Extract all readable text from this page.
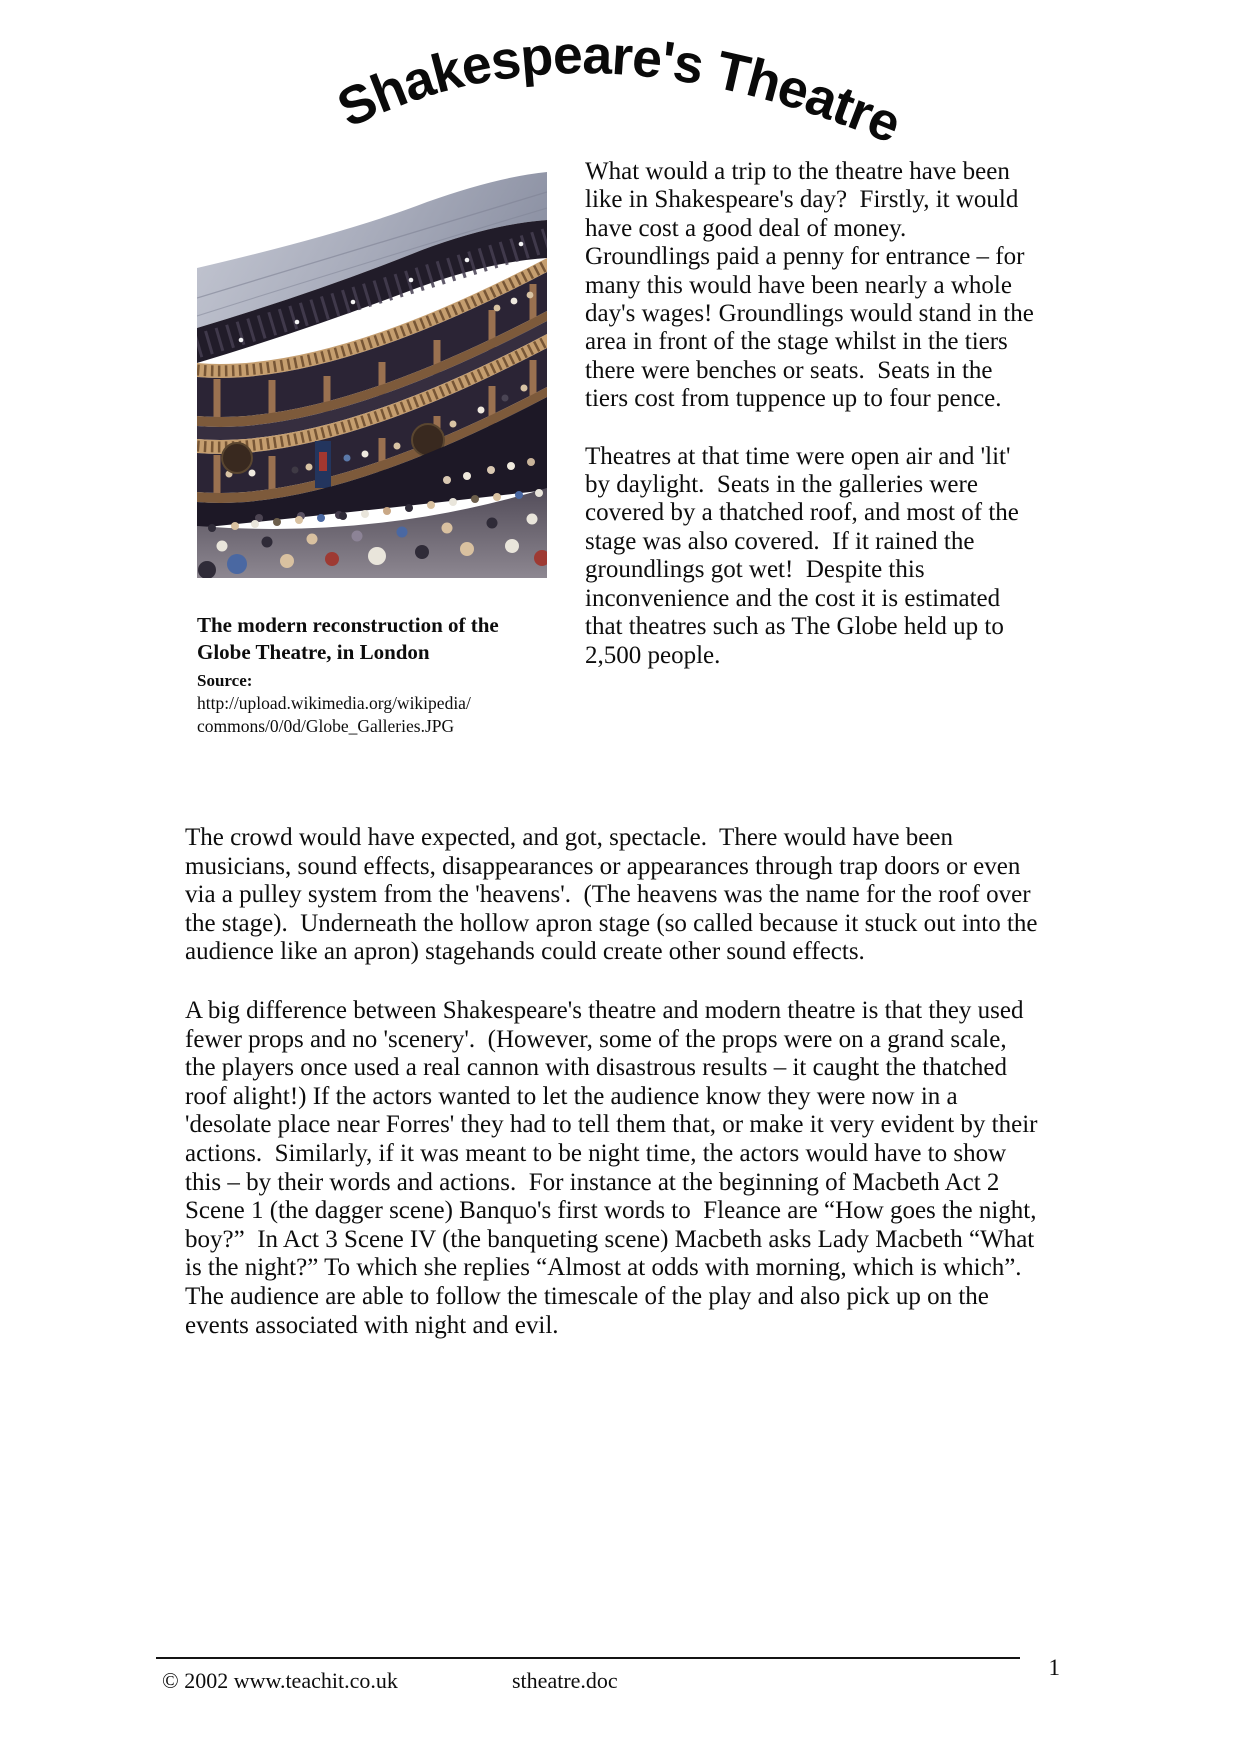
Shakespeare's Theatre
The modern reconstruction of the
Globe Theatre, in London
Source:
http://upload.wikimedia.org/wikipedia/
commons/0/0d/Globe_Galleries.JPG

What would a trip to the theatre have been like in Shakespeare's day?  Firstly, it would have cost a good deal of money.  Groundlings paid a penny for entrance – for many this would have been nearly a whole day's wages! Groundlings would stand in the area in front of the stage whilst in the tiers there were benches or seats.  Seats in the tiers cost from tuppence up to four pence.

Theatres at that time were open air and 'lit' by daylight.  Seats in the galleries were covered by a thatched roof, and most of the stage was also covered.  If it rained the groundlings got wet!  Despite this inconvenience and the cost it is estimated that theatres such as The Globe held up to 2,500 people.

The crowd would have expected, and got, spectacle.  There would have been musicians, sound effects, disappearances or appearances through trap doors or even via a pulley system from the 'heavens'.  (The heavens was the name for the roof over the stage).  Underneath the hollow apron stage (so called because it stuck out into the audience like an apron) stagehands could create other sound effects.

A big difference between Shakespeare's theatre and modern theatre is that they used fewer props and no 'scenery'.  (However, some of the props were on a grand scale, the players once used a real cannon with disastrous results – it caught the thatched roof alight!) If the actors wanted to let the audience know they were now in a 'desolate place near Forres' they had to tell them that, or make it very evident by their actions.  Similarly, if it was meant to be night time, the actors would have to show this – by their words and actions.  For instance at the beginning of Macbeth Act 2 Scene 1 (the dagger scene) Banquo's first words to  Fleance are “How goes the night, boy?”  In Act 3 Scene IV (the banqueting scene) Macbeth asks Lady Macbeth “What is the night?” To which she replies “Almost at odds with morning, which is which”.  The audience are able to follow the timescale of the play and also pick up on the events associated with night and evil.

© 2002 www.teachit.co.uk	stheatre.doc
1
